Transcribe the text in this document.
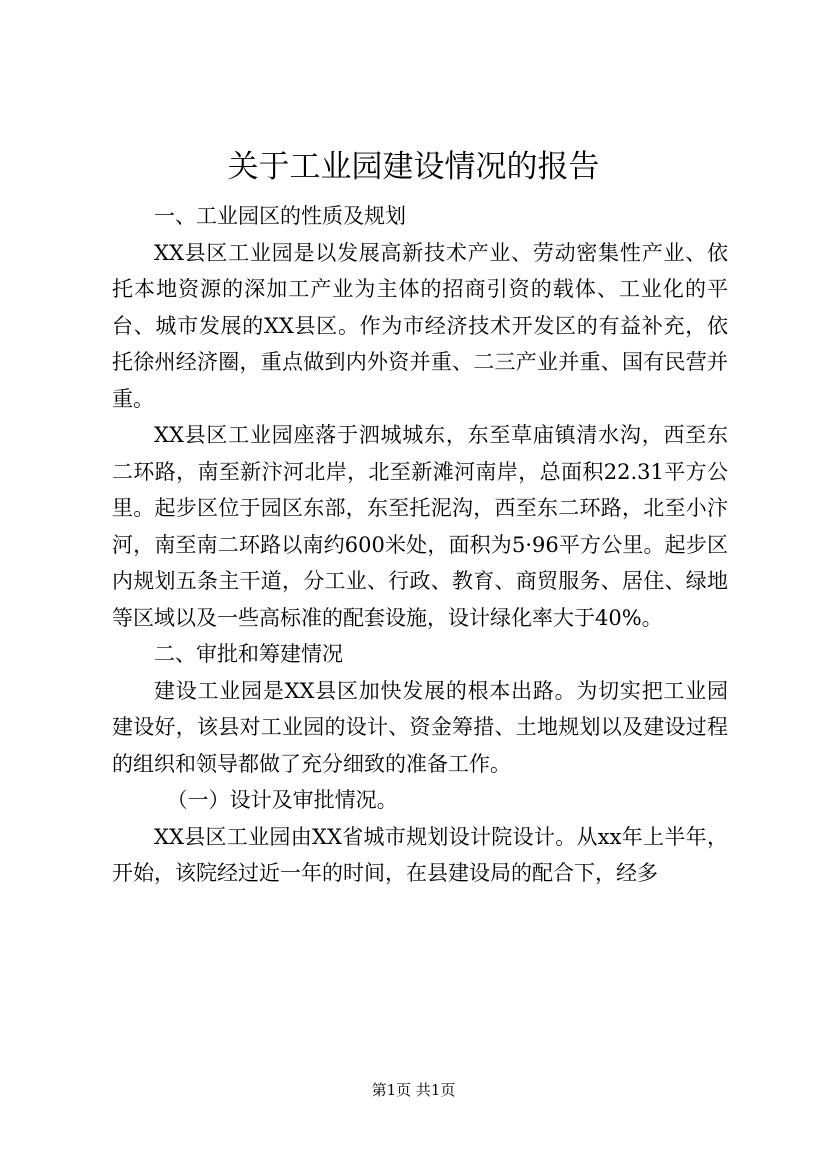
关于工业园建设情况的报告

一、工业园区的性质及规划

XX县区工业园是以发展高新技术产业、劳动密集性产业、依托本地资源的深加工产业为主体的招商引资的载体、工业化的平台、城市发展的XX县区。作为市经济技术开发区的有益补充，依托徐州经济圈，重点做到内外资并重、二三产业并重、国有民营并重。

XX县区工业园座落于泗城城东，东至草庙镇清水沟，西至东二环路，南至新汴河北岸，北至新滩河南岸，总面积22.31平方公里。起步区位于园区东部，东至托泥沟，西至东二环路，北至小汴河，南至南二环路以南约600米处，面积为5·96平方公里。起步区内规划五条主干道，分工业、行政、教育、商贸服务、居住、绿地等区域以及一些高标准的配套设施，设计绿化率大于40%。

二、审批和筹建情况

建设工业园是XX县区加快发展的根本出路。为切实把工业园建设好，该县对工业园的设计、资金筹措、土地规划以及建设过程的组织和领导都做了充分细致的准备工作。

（一）设计及审批情况。

XX县区工业园由XX省城市规划设计院设计。从xx年上半年，开始，该院经过近一年的时间，在县建设局的配合下，经多

第1页 共1页
